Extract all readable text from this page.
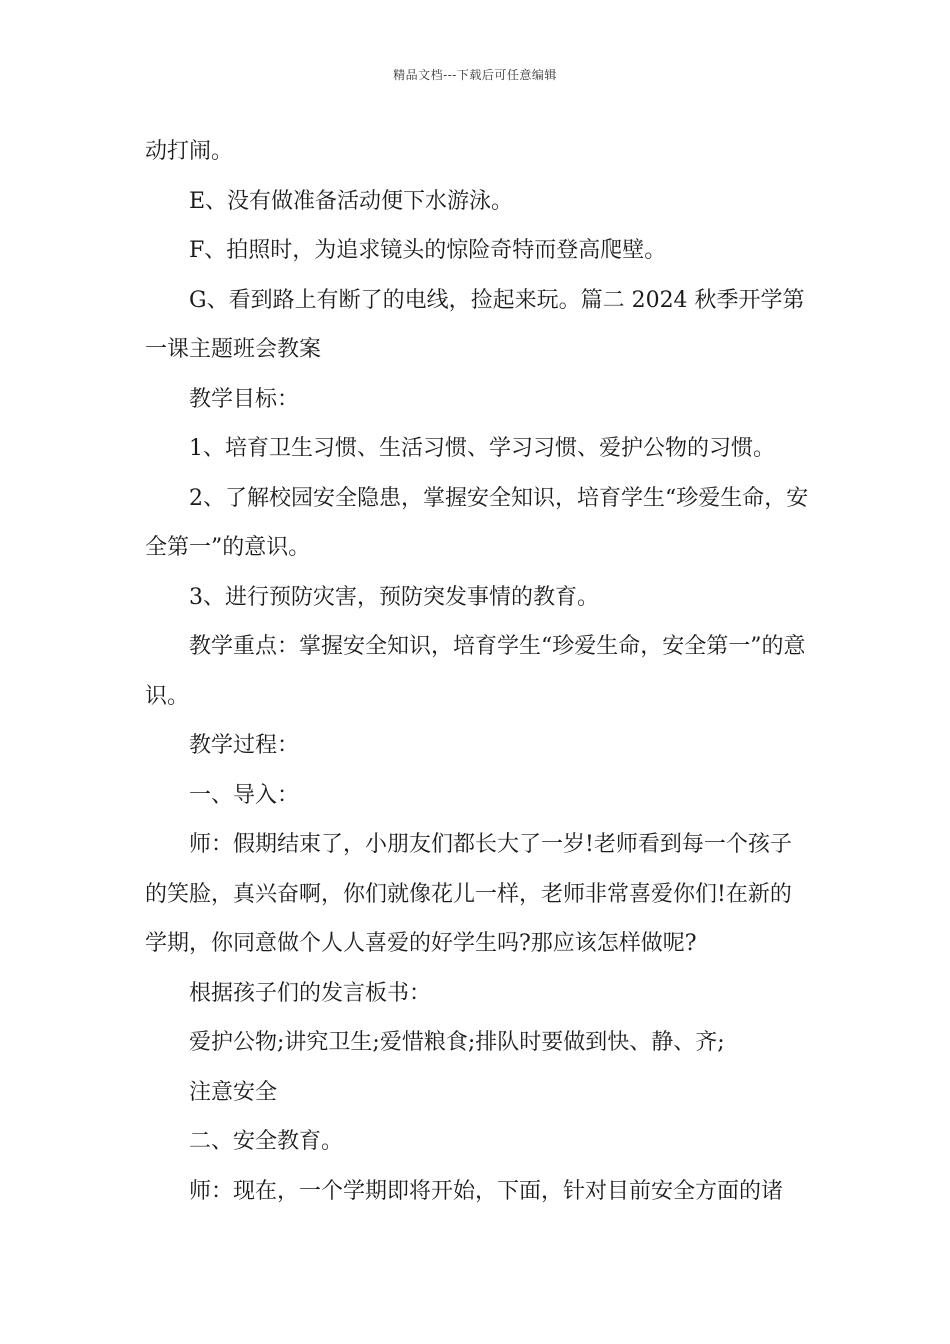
精品文档---下载后可任意编辑

动打闹。

E、没有做准备活动便下水游泳。

F、拍照时，为追求镜头的惊险奇特而登高爬壁。

G、看到路上有断了的电线，捡起来玩。篇二 2024 秋季开学第一课主题班会教案

教学目标：

1、培育卫生习惯、生活习惯、学习习惯、爱护公物的习惯。

2、了解校园安全隐患，掌握安全知识，培育学生“珍爱生命，安全第一”的意识。

3、进行预防灾害，预防突发事情的教育。

教学重点：掌握安全知识，培育学生“珍爱生命，安全第一”的意识。

教学过程：

一、导入：

师：假期结束了，小朋友们都长大了一岁!老师看到每一个孩子的笑脸，真兴奋啊，你们就像花儿一样，老师非常喜爱你们!在新的学期，你同意做个人人喜爱的好学生吗?那应该怎样做呢?

根据孩子们的发言板书：

爱护公物;讲究卫生;爱惜粮食;排队时要做到快、静、齐;

注意安全

二、安全教育。

师：现在，一个学期即将开始，下面，针对目前安全方面的诸
